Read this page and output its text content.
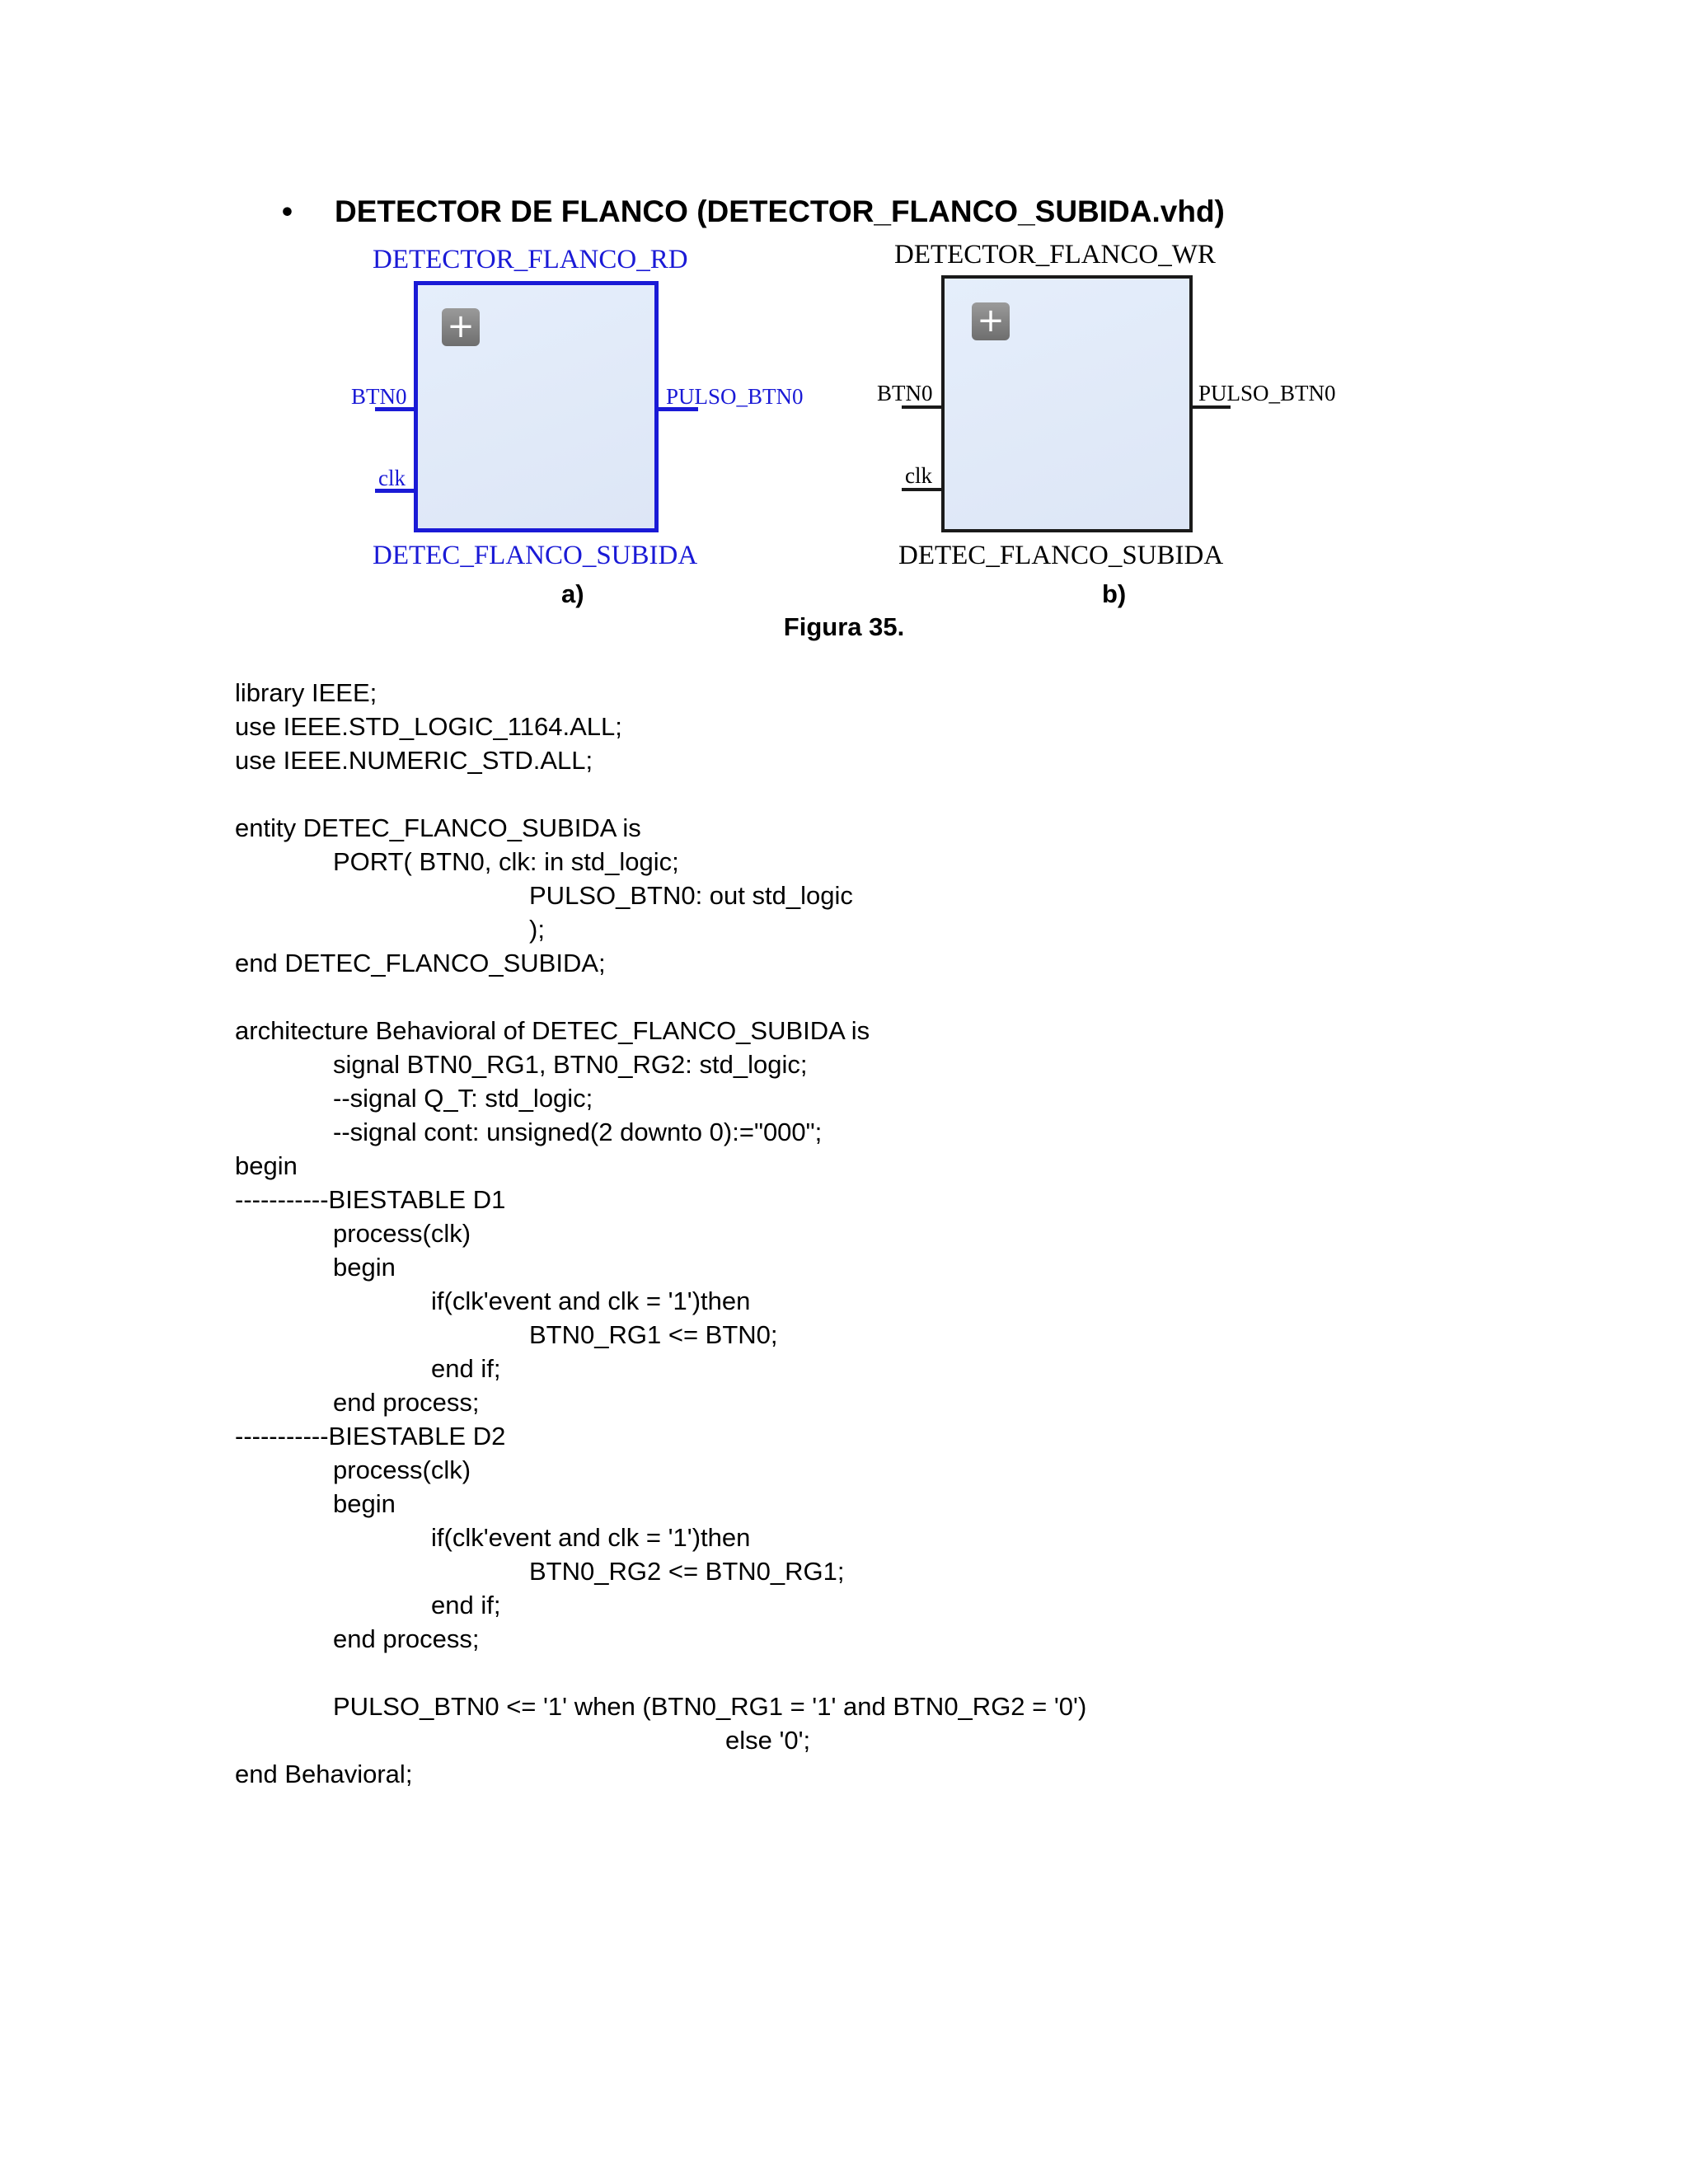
• DETECTOR DE FLANCO (DETECTOR_FLANCO_SUBIDA.vhd)
DETECTOR_FLANCO_RD
+
BTN0
clk
PULSO_BTN0
DETEC_FLANCO_SUBIDA
DETECTOR_FLANCO_WR
+
BTN0
clk
PULSO_BTN0
DETEC_FLANCO_SUBIDA
a)	b)
Figura 35.
library IEEE;
use IEEE.STD_LOGIC_1164.ALL;
use IEEE.NUMERIC_STD.ALL;
entity DETEC_FLANCO_SUBIDA is
PORT( BTN0, clk: in std_logic;
PULSO_BTN0: out std_logic
);
end DETEC_FLANCO_SUBIDA;
architecture Behavioral of DETEC_FLANCO_SUBIDA is
signal BTN0_RG1, BTN0_RG2: std_logic;
--signal Q_T: std_logic;
--signal cont: unsigned(2 downto 0):="000";
begin
-----------BIESTABLE D1
process(clk)
begin
if(clk'event and clk = '1')then
BTN0_RG1 <= BTN0;
end if;
end process;
-----------BIESTABLE D2
process(clk)
begin
if(clk'event and clk = '1')then
BTN0_RG2 <= BTN0_RG1;
end if;
end process;
PULSO_BTN0 <= '1' when (BTN0_RG1 = '1' and BTN0_RG2 = '0')
else '0';
end Behavioral;
